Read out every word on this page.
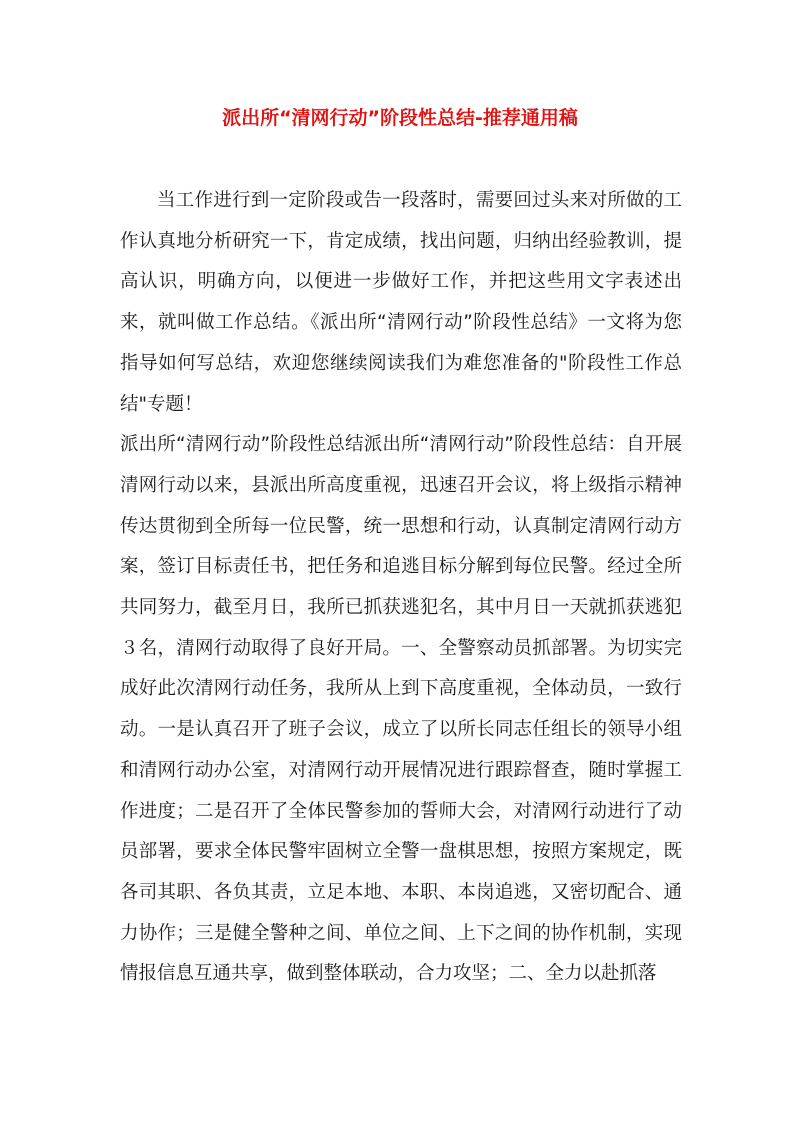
派出所“清网行动”阶段性总结-推荐通用稿

当工作进行到一定阶段或告一段落时，需要回过头来对所做的工作认真地分析研究一下，肯定成绩，找出问题，归纳出经验教训，提高认识，明确方向，以便进一步做好工作，并把这些用文字表述出来，就叫做工作总结。《派出所“清网行动”阶段性总结》一文将为您指导如何写总结，欢迎您继续阅读我们为难您准备的"阶段性工作总结"专题！

派出所“清网行动”阶段性总结派出所“清网行动”阶段性总结：自开展清网行动以来，县派出所高度重视，迅速召开会议，将上级指示精神传达贯彻到全所每一位民警，统一思想和行动，认真制定清网行动方案，签订目标责任书，把任务和追逃目标分解到每位民警。经过全所共同努力，截至月日，我所已抓获逃犯名，其中月日一天就抓获逃犯３名，清网行动取得了良好开局。一、全警察动员抓部署。为切实完成好此次清网行动任务，我所从上到下高度重视，全体动员，一致行动。一是认真召开了班子会议，成立了以所长同志任组长的领导小组和清网行动办公室，对清网行动开展情况进行跟踪督查，随时掌握工作进度；二是召开了全体民警参加的誓师大会，对清网行动进行了动员部署，要求全体民警牢固树立全警一盘棋思想，按照方案规定，既各司其职、各负其责，立足本地、本职、本岗追逃，又密切配合、通力协作；三是健全警种之间、单位之间、上下之间的协作机制，实现情报信息互通共享，做到整体联动，合力攻坚；二、全力以赴抓落
